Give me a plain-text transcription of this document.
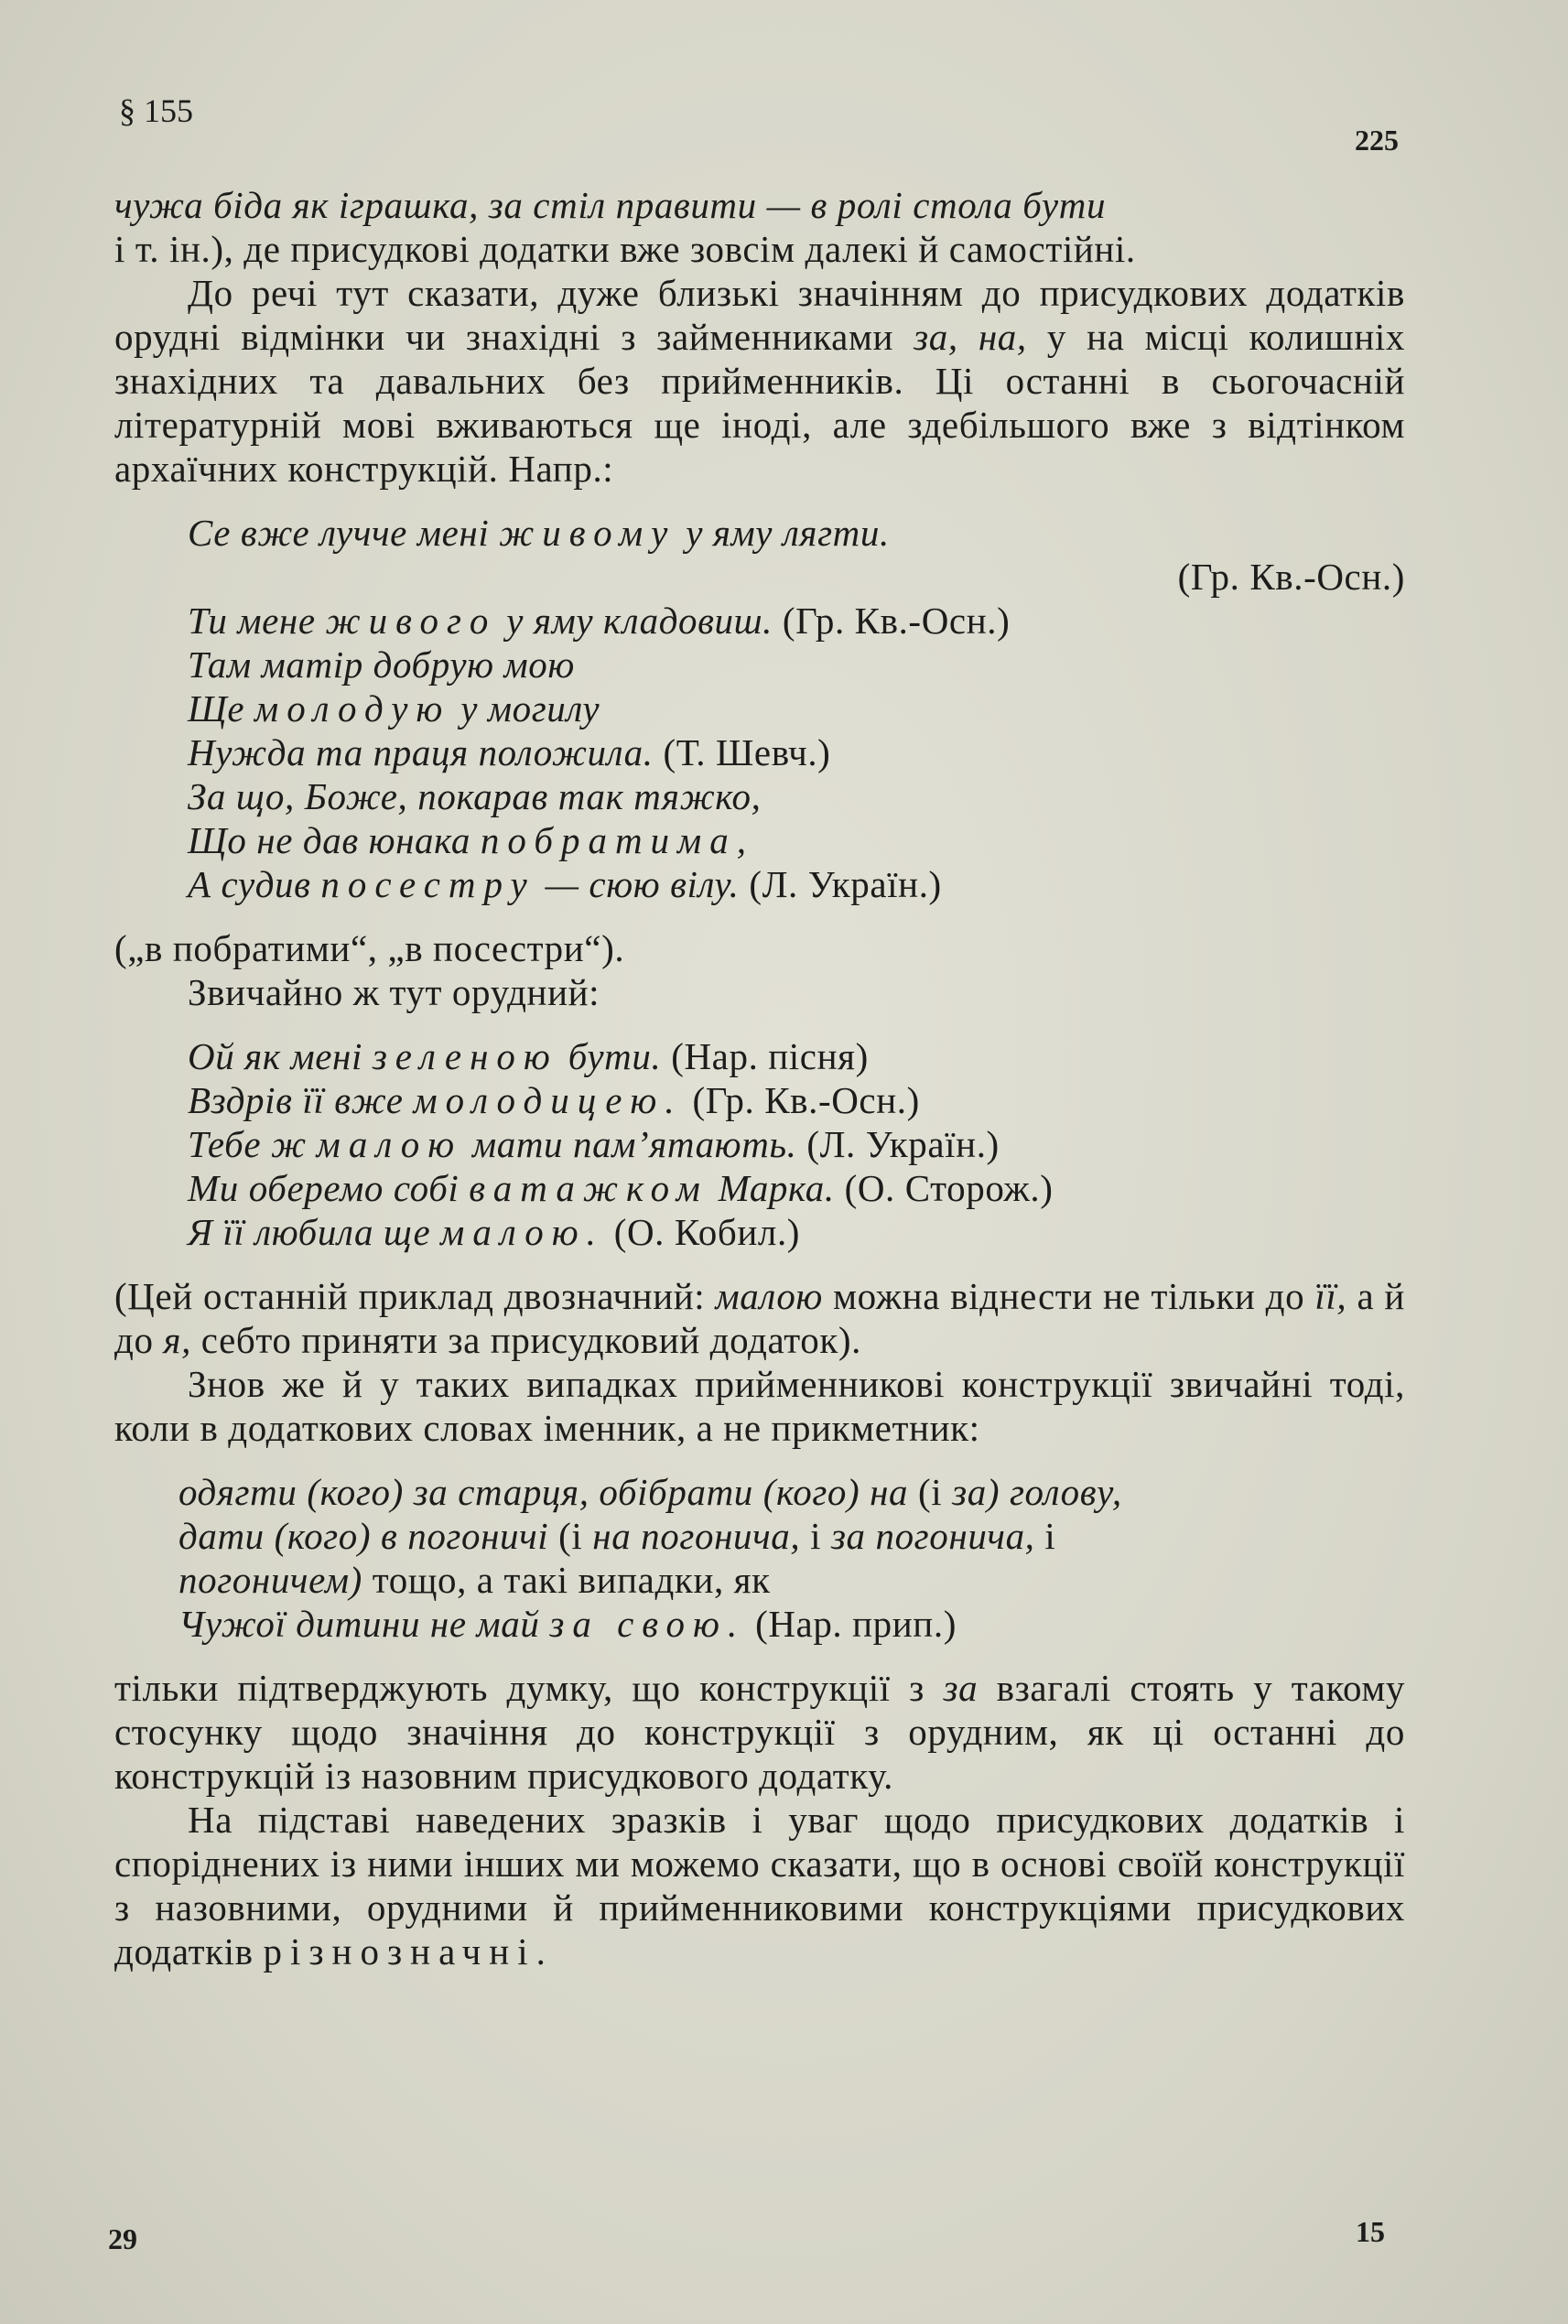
§ 155
225

чужа біда як іграшка, за стіл правити — в ролі стола бути
і т. ін.), де присудкові додатки вже зовсім далекі й самостійні.

До речі тут сказати, дуже близькі значінням до присудкових додатків орудні відмінки чи знахідні з займенниками за, на, у на місці колишніх знахідних та давальних без прийменників. Ці останні в сьогочасній літературній мові вживаються ще іноді, але здебільшого вже з відтінком архаїчних конструкцій. Напр.:

Се вже лучче мені живому у яму лягти.
(Гр. Кв.-Осн.)
Ти мене живого у яму кладовиш. (Гр. Кв.-Осн.)
Там матір добрую мою
Ще молодую у могилу
Нужда та праця положила. (Т. Шевч.)
За що, Боже, покарав так тяжко,
Що не дав юнака побратима,
А судив посестру — сюю вілу. (Л. Україн.)

(„в побратими“, „в посестри“).

Звичайно ж тут орудний:

Ой як мені зеленою бути. (Нар. пісня)
Вздрів її вже молодицею. (Гр. Кв.-Осн.)
Тебе ж малою мати пам’ятають. (Л. Україн.)
Ми оберемо собі ватажком Марка. (О. Сторож.)
Я її любила ще малою. (О. Кобил.)

(Цей останній приклад двозначний: малою можна віднести не тільки до її, а й до я, себто приняти за присудковий додаток).

Знов же й у таких випадках прийменникові конструкції звичайні тоді, коли в додаткових словах іменник, а не прикметник:

одягти (кого) за старця, обібрати (кого) на (і за) голову,
дати (кого) в погоничі (і на погонича, і за погонича, і
погоничем) тощо, а такі випадки, як
Чужої дитини не май за свою. (Нар. прип.)

тільки підтверджують думку, що конструкції з за взагалі стоять у такому стосунку щодо значіння до конструкції з орудним, як ці останні до конструкцій із назовним присудкового додатку.

На підставі наведених зразків і уваг щодо присудкових додатків і споріднених із ними інших ми можемо сказати, що в основі своїй конструкції з назовними, орудними й прийменниковими конструкціями присудкових додатків різнозначні.

29	15
